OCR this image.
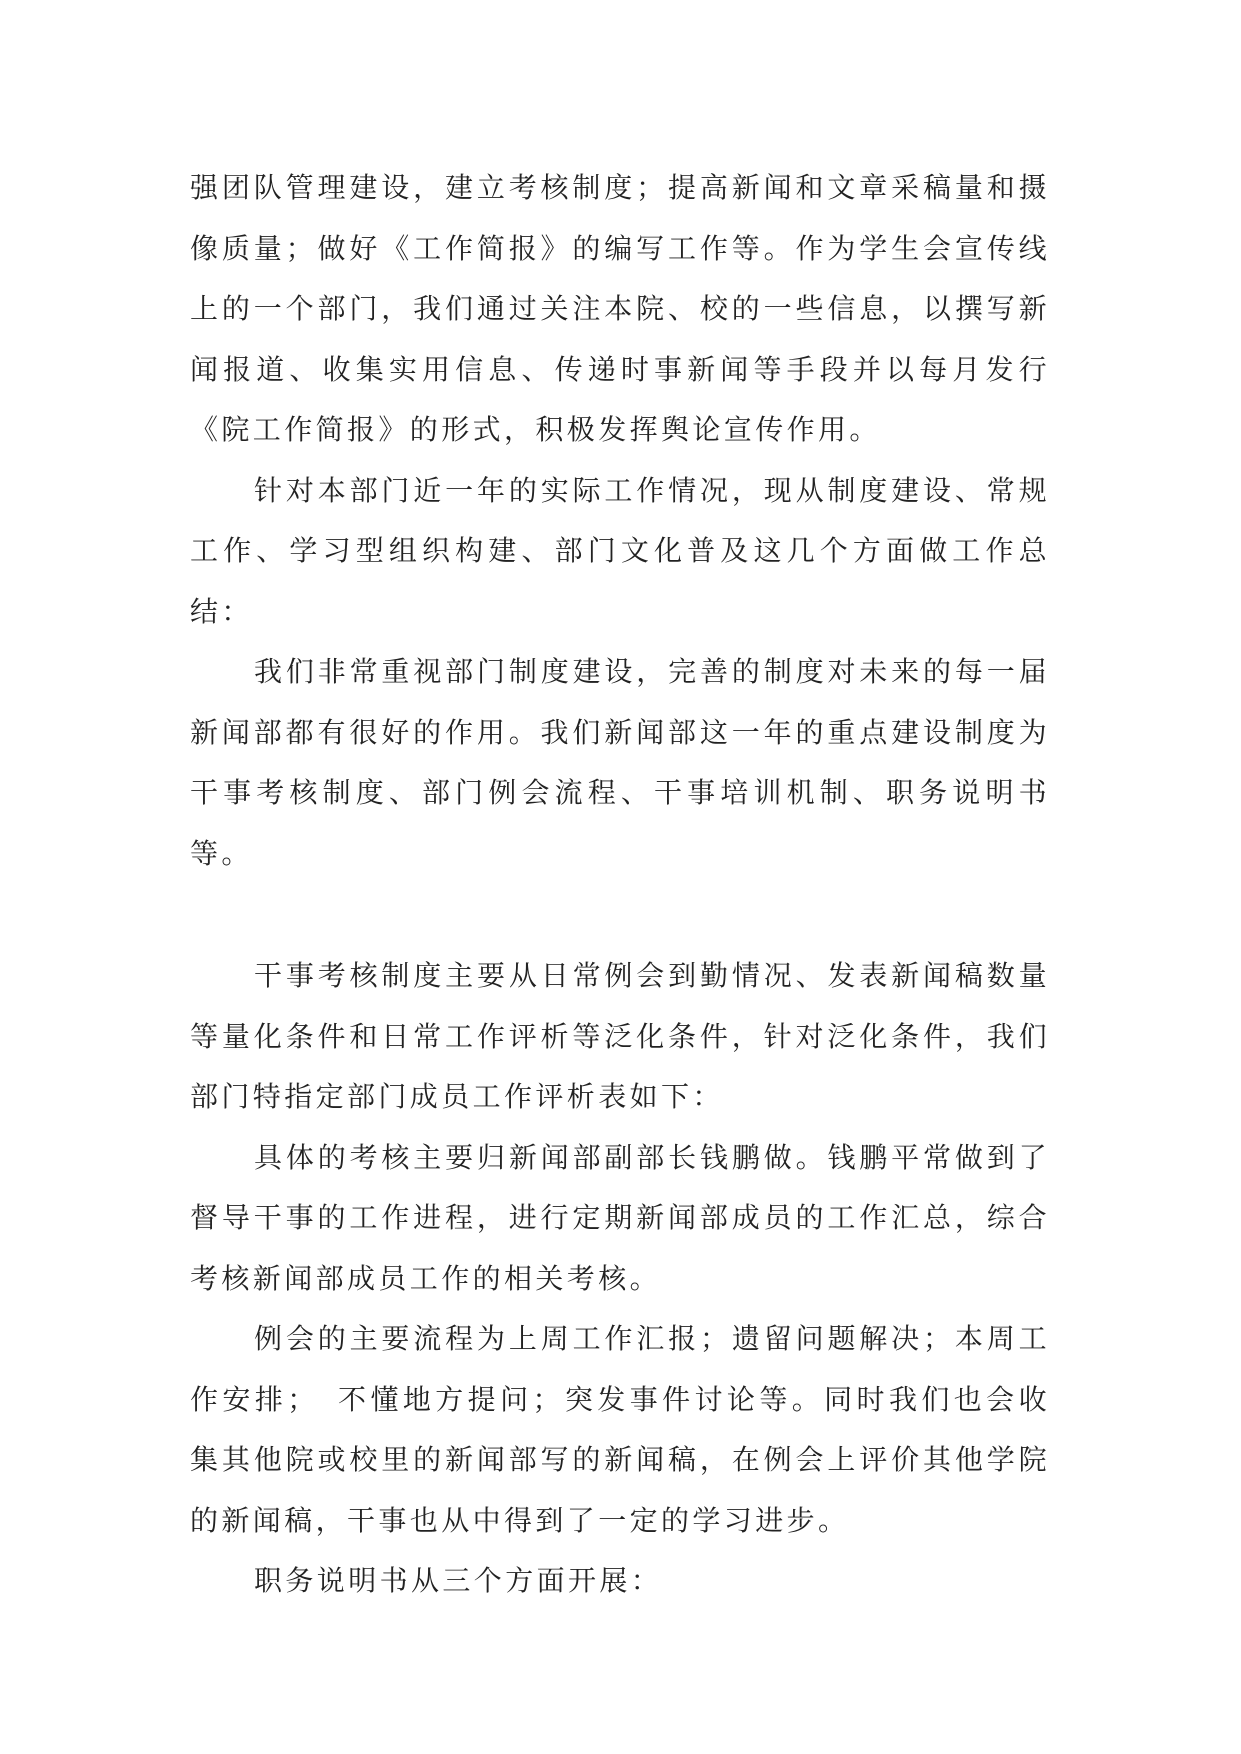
强团队管理建设，建立考核制度；提高新闻和文章采稿量和摄像质量；做好《工作简报》的编写工作等。作为学生会宣传线上的一个部门，我们通过关注本院、校的一些信息，以撰写新闻报道、收集实用信息、传递时事新闻等手段并以每月发行《院工作简报》的形式，积极发挥舆论宣传作用。

针对本部门近一年的实际工作情况，现从制度建设、常规工作、学习型组织构建、部门文化普及这几个方面做工作总结：

我们非常重视部门制度建设，完善的制度对未来的每一届新闻部都有很好的作用。我们新闻部这一年的重点建设制度为干事考核制度、部门例会流程、干事培训机制、职务说明书等。

干事考核制度主要从日常例会到勤情况、发表新闻稿数量等量化条件和日常工作评析等泛化条件，针对泛化条件，我们部门特指定部门成员工作评析表如下：

具体的考核主要归新闻部副部长钱鹏做。钱鹏平常做到了督导干事的工作进程，进行定期新闻部成员的工作汇总，综合考核新闻部成员工作的相关考核。

例会的主要流程为上周工作汇报；遗留问题解决；本周工作安排；　不懂地方提问；突发事件讨论等。同时我们也会收集其他院或校里的新闻部写的新闻稿，在例会上评价其他学院的新闻稿，干事也从中得到了一定的学习进步。

职务说明书从三个方面开展：
